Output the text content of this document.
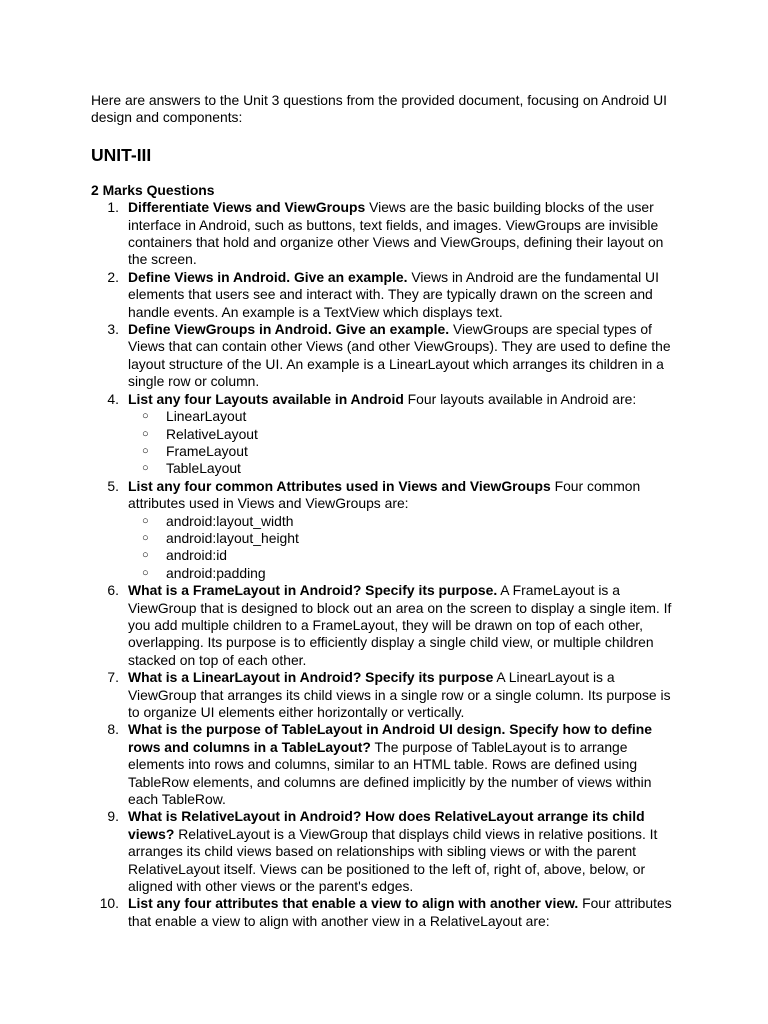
Here are answers to the Unit 3 questions from the provided document, focusing on Android UI design and components:

UNIT-III
2 Marks Questions
1. Differentiate Views and ViewGroups Views are the basic building blocks of the user interface in Android, such as buttons, text fields, and images. ViewGroups are invisible containers that hold and organize other Views and ViewGroups, defining their layout on the screen.
2. Define Views in Android. Give an example. Views in Android are the fundamental UI elements that users see and interact with. They are typically drawn on the screen and handle events. An example is a TextView which displays text.
3. Define ViewGroups in Android. Give an example. ViewGroups are special types of Views that can contain other Views (and other ViewGroups). They are used to define the layout structure of the UI. An example is a LinearLayout which arranges its children in a single row or column.
4. List any four Layouts available in Android Four layouts available in Android are:
○ LinearLayout
○ RelativeLayout
○ FrameLayout
○ TableLayout
5. List any four common Attributes used in Views and ViewGroups Four common attributes used in Views and ViewGroups are:
○ android:layout_width
○ android:layout_height
○ android:id
○ android:padding
6. What is a FrameLayout in Android? Specify its purpose. A FrameLayout is a ViewGroup that is designed to block out an area on the screen to display a single item. If you add multiple children to a FrameLayout, they will be drawn on top of each other, overlapping. Its purpose is to efficiently display a single child view, or multiple children stacked on top of each other.
7. What is a LinearLayout in Android? Specify its purpose A LinearLayout is a ViewGroup that arranges its child views in a single row or a single column. Its purpose is to organize UI elements either horizontally or vertically.
8. What is the purpose of TableLayout in Android UI design. Specify how to define rows and columns in a TableLayout? The purpose of TableLayout is to arrange elements into rows and columns, similar to an HTML table. Rows are defined using TableRow elements, and columns are defined implicitly by the number of views within each TableRow.
9. What is RelativeLayout in Android? How does RelativeLayout arrange its child views? RelativeLayout is a ViewGroup that displays child views in relative positions. It arranges its child views based on relationships with sibling views or with the parent RelativeLayout itself. Views can be positioned to the left of, right of, above, below, or aligned with other views or the parent's edges.
10. List any four attributes that enable a view to align with another view. Four attributes that enable a view to align with another view in a RelativeLayout are:
